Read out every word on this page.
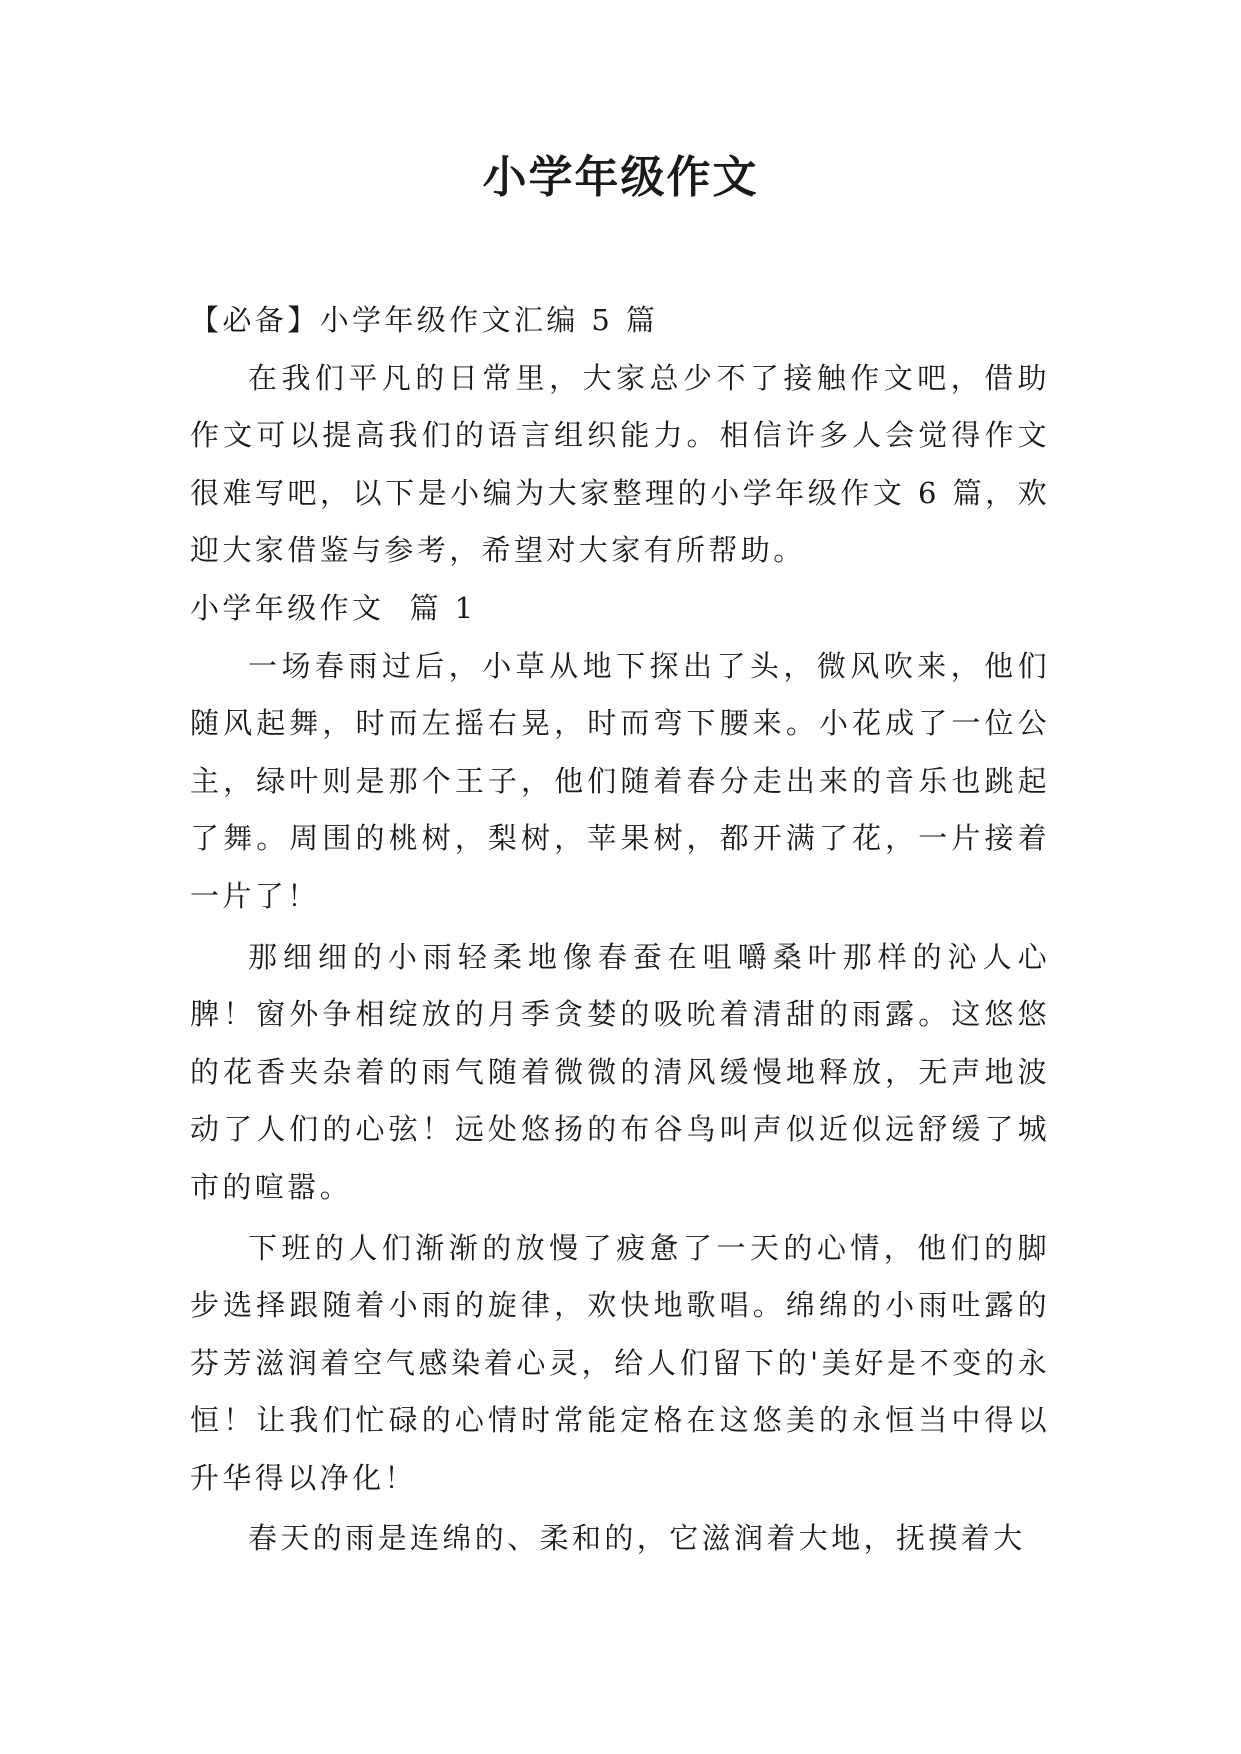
小学年级作文

【必备】小学年级作文汇编 5 篇

在我们平凡的日常里，大家总少不了接触作文吧，借助作文可以提高我们的语言组织能力。相信许多人会觉得作文很难写吧，以下是小编为大家整理的小学年级作文 6 篇，欢迎大家借鉴与参考，希望对大家有所帮助。

小学年级作文  篇 1

一场春雨过后，小草从地下探出了头，微风吹来，他们随风起舞，时而左摇右晃，时而弯下腰来。小花成了一位公主，绿叶则是那个王子，他们随着春分走出来的音乐也跳起了舞。周围的桃树，梨树，苹果树，都开满了花，一片接着一片了！

那细细的小雨轻柔地像春蚕在咀嚼桑叶那样的沁人心脾！窗外争相绽放的月季贪婪的吸吮着清甜的雨露。这悠悠的花香夹杂着的雨气随着微微的清风缓慢地释放，无声地波动了人们的心弦！远处悠扬的布谷鸟叫声似近似远舒缓了城市的喧嚣。

下班的人们渐渐的放慢了疲惫了一天的心情，他们的脚步选择跟随着小雨的旋律，欢快地歌唱。绵绵的小雨吐露的芬芳滋润着空气感染着心灵，给人们留下的'美好是不变的永恒！让我们忙碌的心情时常能定格在这悠美的永恒当中得以升华得以净化！

春天的雨是连绵的、柔和的，它滋润着大地，抚摸着大
